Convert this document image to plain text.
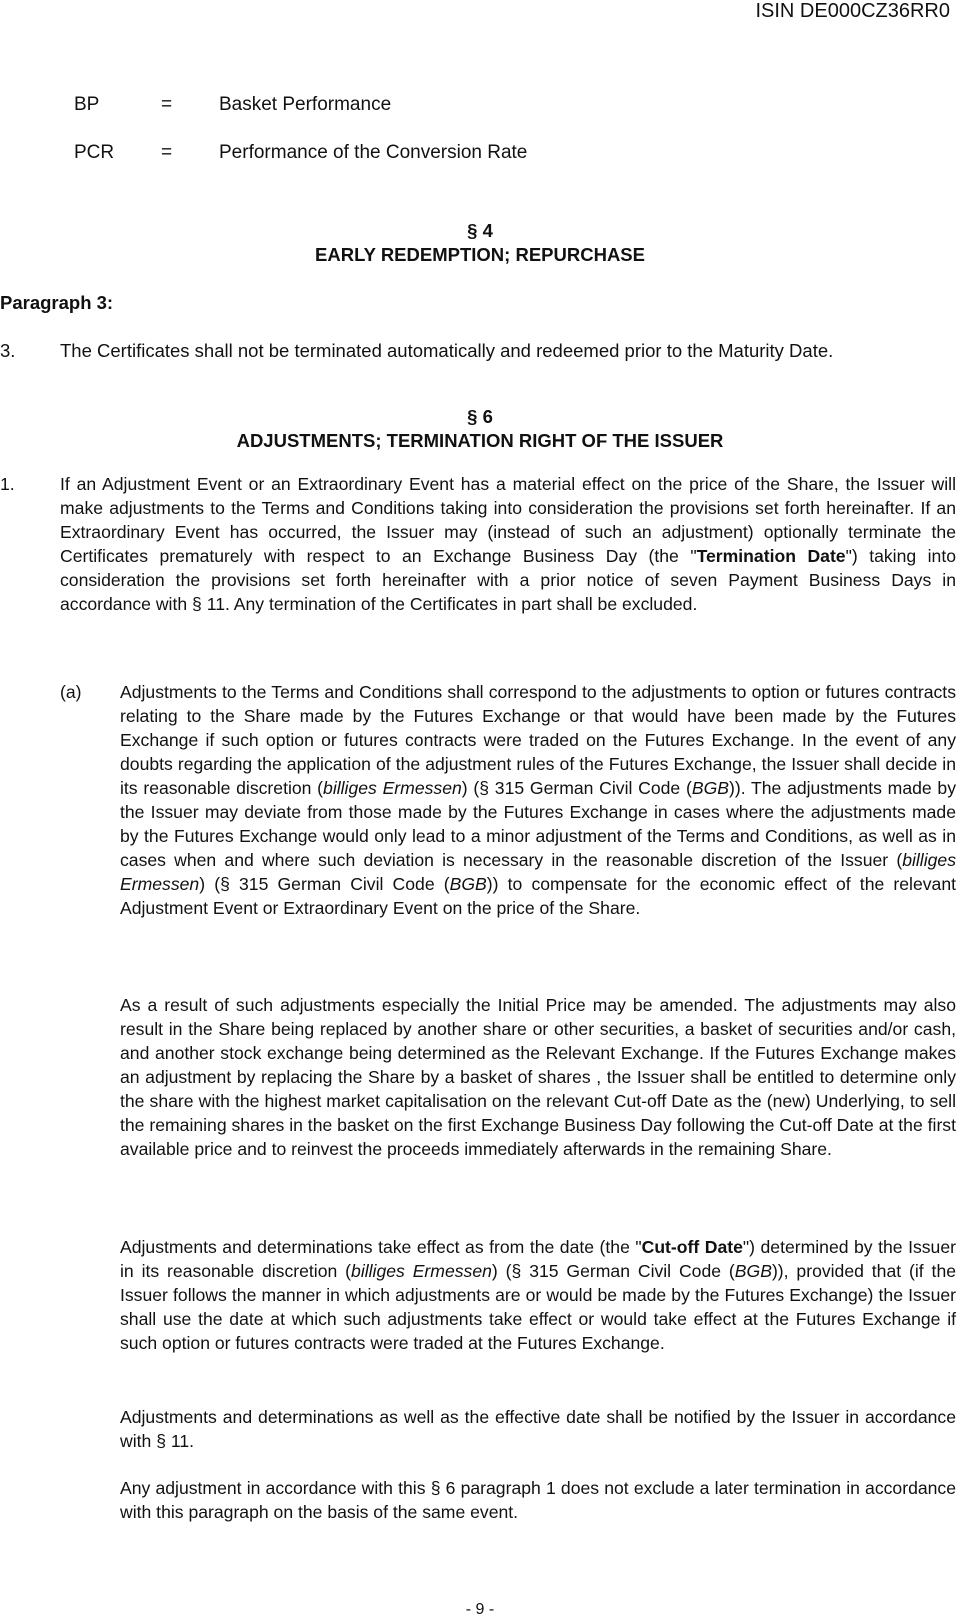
ISIN DE000CZ36RR0
BP	= Basket Performance
PCR = Performance of the Conversion Rate
§ 4
EARLY REDEMPTION; REPURCHASE
Paragraph 3:
3. The Certificates shall not be terminated automatically and redeemed prior to the Maturity Date.
§ 6
ADJUSTMENTS; TERMINATION RIGHT OF THE ISSUER
1.	If an Adjustment Event or an Extraordinary Event has a material effect on the price of the Share, the Issuer will make adjustments to the Terms and Conditions taking into consideration the provisions set forth hereinafter. If an Extraordinary Event has occurred, the Issuer may (instead of such an adjustment) optionally terminate the Certificates prematurely with respect to an Exchange Business Day (the "Termination Date") taking into consideration the provisions set forth hereinafter with a prior notice of seven Payment Business Days in accordance with § 11. Any termination of the Certificates in part shall be excluded.
(a) Adjustments to the Terms and Conditions shall correspond to the adjustments to option or futures contracts relating to the Share made by the Futures Exchange or that would have been made by the Futures Exchange if such option or futures contracts were traded on the Futures Exchange. In the event of any doubts regarding the application of the adjustment rules of the Futures Exchange, the Issuer shall decide in its reasonable discretion (billiges Ermessen) (§ 315 German Civil Code (BGB)). The adjustments made by the Issuer may deviate from those made by the Futures Exchange in cases where the adjustments made by the Futures Exchange would only lead to a minor adjustment of the Terms and Conditions, as well as in cases when and where such deviation is necessary in the reasonable discretion of the Issuer (billiges Ermessen) (§ 315 German Civil Code (BGB)) to compensate for the economic effect of the relevant Adjustment Event or Extraordinary Event on the price of the Share.
As a result of such adjustments especially the Initial Price may be amended. The adjustments may also result in the Share being replaced by another share or other securities, a basket of securities and/or cash, and another stock exchange being determined as the Relevant Exchange. If the Futures Exchange makes an adjustment by replacing the Share by a basket of shares , the Issuer shall be entitled to determine only the share with the highest market capitalisation on the relevant Cut-off Date as the (new) Underlying, to sell the remaining shares in the basket on the first Exchange Business Day following the Cut-off Date at the first available price and to reinvest the proceeds immediately afterwards in the remaining Share.
Adjustments and determinations take effect as from the date (the "Cut-off Date") determined by the Issuer in its reasonable discretion (billiges Ermessen) (§ 315 German Civil Code (BGB)), provided that (if the Issuer follows the manner in which adjustments are or would be made by the Futures Exchange) the Issuer shall use the date at which such adjustments take effect or would take effect at the Futures Exchange if such option or futures contracts were traded at the Futures Exchange.
Adjustments and determinations as well as the effective date shall be notified by the Issuer in accordance with § 11.
Any adjustment in accordance with this § 6 paragraph 1 does not exclude a later termination in accordance with this paragraph on the basis of the same event.
- 9 -
